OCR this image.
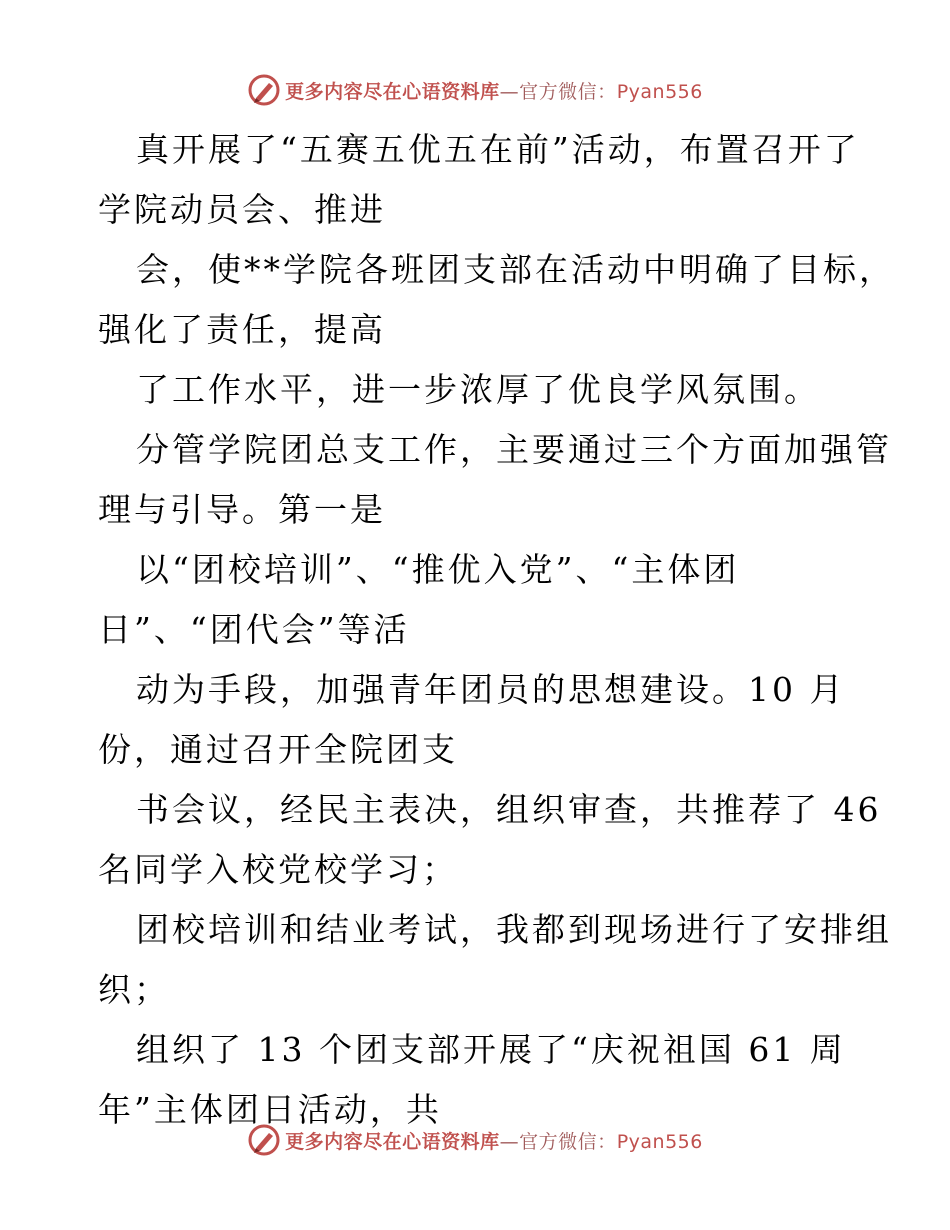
更多内容尽在心语资料库—官方微信：Pyan556
真开展了“五赛五优五在前”活动，布置召开了
学院动员会、推进
会，使**学院各班团支部在活动中明确了目标，
强化了责任，提高
了工作水平，进一步浓厚了优良学风氛围。
分管学院团总支工作，主要通过三个方面加强管
理与引导。第一是
以“团校培训”、“推优入党”、“主体团
日”、“团代会”等活
动为手段，加强青年团员的思想建设。10 月
份，通过召开全院团支
书会议，经民主表决，组织审查，共推荐了 46
名同学入校党校学习；
团校培训和结业考试，我都到现场进行了安排组
织；
组织了 13 个团支部开展了“庆祝祖国 61 周
年”主体团日活动，共
更多内容尽在心语资料库—官方微信：Pyan556
